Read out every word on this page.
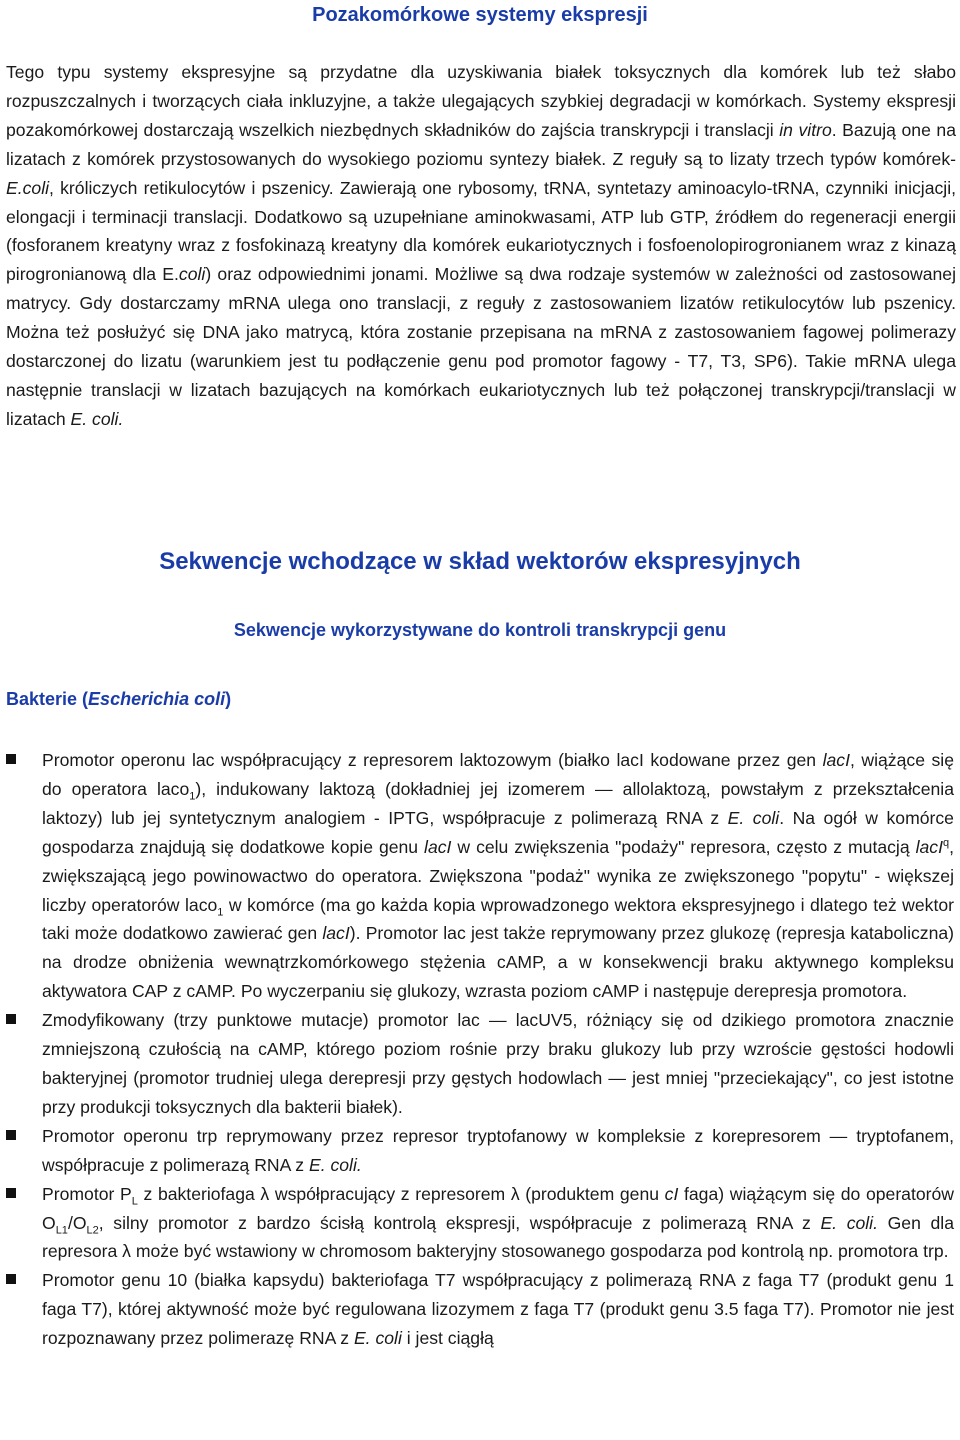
Pozakomórkowe systemy ekspresji

Tego typu systemy ekspresyjne są przydatne dla uzyskiwania białek toksycznych dla komórek lub też słabo rozpuszczalnych i tworzących ciała inkluzyjne, a także ulegających szybkiej degradacji w komórkach. Systemy ekspresji pozakomórkowej dostarczają wszelkich niezbędnych składników do zajścia transkrypcji i translacji in vitro. Bazują one na lizatach z komórek przystosowanych do wysokiego poziomu syntezy białek. Z reguły są to lizaty trzech typów komórek- E.coli, króliczych retikulocytów i pszenicy. Zawierają one rybosomy, tRNA, syntetazy aminoacylo-tRNA, czynniki inicjacji, elongacji i terminacji translacji. Dodatkowo są uzupełniane aminokwasami, ATP lub GTP, źródłem do regeneracji energii (fosforanem kreatyny wraz z fosfokinazą kreatyny dla komórek eukariotycznych i fosfoenolopirogronianem wraz z kinazą pirogronianową dla E.coli) oraz odpowiednimi jonami. Możliwe są dwa rodzaje systemów w zależności od zastosowanej matrycy. Gdy dostarczamy mRNA ulega ono translacji, z reguły z zastosowaniem lizatów retikulocytów lub pszenicy. Można też posłużyć się DNA jako matrycą, która zostanie przepisana na mRNA z zastosowaniem fagowej polimerazy dostarczonej do lizatu (warunkiem jest tu podłączenie genu pod promotor fagowy - T7, T3, SP6). Takie mRNA ulega następnie translacji w lizatach bazujących na komórkach eukariotycznych lub też połączonej transkrypcji/translacji w lizatach E. coli.

Sekwencje wchodzące w skład wektorów ekspresyjnych
Sekwencje wykorzystywane do kontroli transkrypcji genu
Bakterie (Escherichia coli)
Promotor operonu lac współpracujący z represorem laktozowym (białko lacI kodowane przez gen lacI, wiążące się do operatora laco$_1$), indukowany laktozą (dokładniej jej izomerem — allolaktozą, powstałym z przekształcenia laktozy) lub jej syntetycznym analogiem - IPTG, współpracuje z polimerazą RNA z E. coli. Na ogół w komórce gospodarza znajdują się dodatkowe kopie genu lacI w celu zwiększenia "podaży" represora, często z mutacją lacI$^q$, zwiększającą jego powinowactwo do operatora. Zwiększona "podaż" wynika ze zwiększonego "popytu" - większej liczby operatorów laco$_1$ w komórce (ma go każda kopia wprowadzonego wektora ekspresyjnego i dlatego też wektor taki może dodatkowo zawierać gen lacI). Promotor lac jest także reprymowany przez glukozę (represja kataboliczna) na drodze obniżenia wewnątrzkomórkowego stężenia cAMP, a w konsekwencji braku aktywnego kompleksu aktywatora CAP z cAMP. Po wyczerpaniu się glukozy, wzrasta poziom cAMP i następuje derepresja promotora.
Zmodyfikowany (trzy punktowe mutacje) promotor lac — lacUV5, różniący się od dzikiego promotora znacznie zmniejszoną czułością na cAMP, którego poziom rośnie przy braku glukozy lub przy wzroście gęstości hodowli bakteryjnej (promotor trudniej ulega derepresji przy gęstych hodowlach — jest mniej "przeciekający", co jest istotne przy produkcji toksycznych dla bakterii białek).
Promotor operonu trp reprymowany przez represor tryptofanowy w kompleksie z korepresorem — tryptofanem, współpracuje z polimerazą RNA z E. coli.
Promotor $P_L$ z bakteriofaga λ współpracujący z represorem λ (produktem genu cI faga) wiążącym się do operatorów $O_{L1}/O_{L2}$, silny promotor z bardzo ścisłą kontrolą ekspresji, współpracuje z polimerazą RNA z E. coli. Gen dla represora λ może być wstawiony w chromosom bakteryjny stosowanego gospodarza pod kontrolą np. promotora trp.
Promotor genu 10 (białka kapsydu) bakteriofaga T7 współpracujący z polimerazą RNA z faga T7 (produkt genu 1 faga T7), której aktywność może być regulowana lizozymem z faga T7 (produkt genu 3.5 faga T7). Promotor nie jest rozpoznawany przez polimerazę RNA z E. coli i jest ciągłą
